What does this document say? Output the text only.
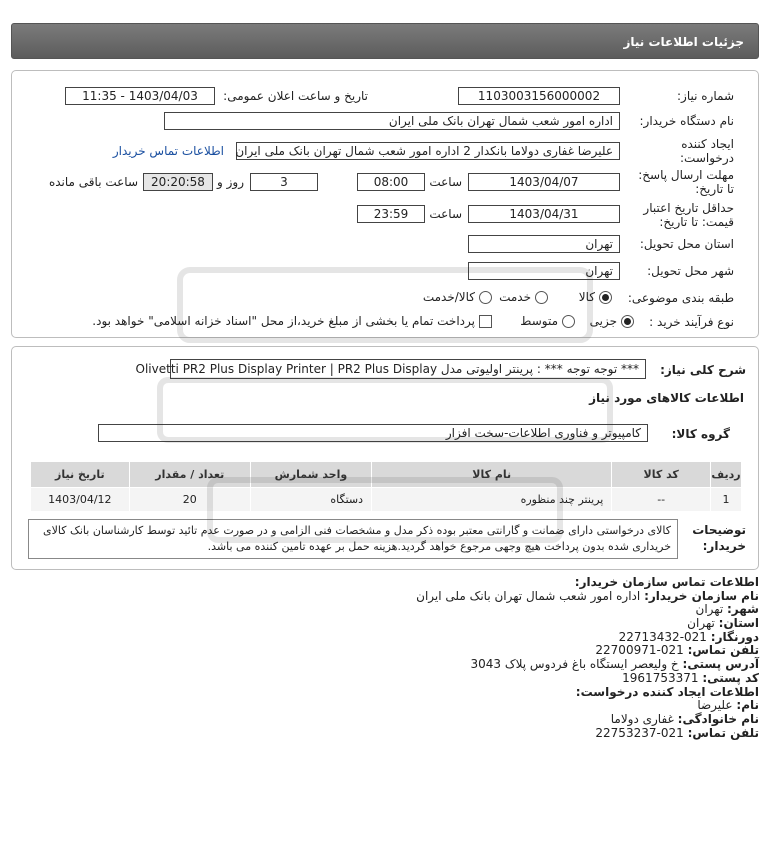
جزئیات اطلاعات نیاز
شماره نیاز:
1103003156000002
تاریخ و ساعت اعلان عمومی:
1403/04/03 - 11:35
نام دستگاه خریدار:
اداره امور شعب شمال تهران بانک ملی ایران
ایجاد کننده
درخواست:
علیرضا غفاری دولاما بانکدار 2 اداره امور شعب شمال تهران بانک ملی ایران
اطلاعات تماس خریدار
مهلت ارسال پاسخ:
تا تاریخ:
1403/04/07
ساعت
08:00
3
روز و
20:20:58
ساعت باقی مانده
حداقل تاریخ اعتبار
قیمت: تا تاریخ:
1403/04/31
ساعت
23:59
استان محل تحویل:
تهران
شهر محل تحویل:
تهران
طبقه بندی موضوعی:
کالا
خدمت
کالا/خدمت
نوع فرآیند خرید :
جزیی
متوسط
پرداخت تمام یا بخشی از مبلغ خرید،از محل "اسناد خزانه اسلامی" خواهد بود.
شرح کلی نیاز:
*** توجه توجه *** : پرینتر اولیوتی مدل Olivetti PR2 Plus Display Printer | PR2 Plus Display
اطلاعات کالاهای مورد نیاز
گروه کالا:
کامپیوتر و فناوری اطلاعات-سخت افزار
ردیف	کد کالا	نام کالا	واحد شمارش	تعداد / مقدار	تاریخ نیاز
1	--	پرینتر چند منظوره	دستگاه	20	1403/04/12
توضیحات
خریدار:
کالای درخواستی دارای ضمانت و گارانتی معتبر بوده ذکر مدل و مشخصات فنی الزامی و در صورت عدم تائید توسط کارشناسان بانک کالای خریداری شده بدون پرداخت هیچ وجهی مرجوع خواهد گردید.هزینه حمل بر عهده تامین کننده می باشد.
اطلاعات تماس سازمان خریدار:
نام سازمان خریدار: اداره امور شعب شمال تهران بانک ملی ایران
شهر: تهران
استان: تهران
دورنگار: 021-22713432
تلفن تماس: 021-22700971
آدرس پستی: خ ولیعصر ایستگاه باغ فردوس پلاک 3043
کد پستی: 1961753371
اطلاعات ایجاد کننده درخواست:
نام: علیرضا
نام خانوادگی: غفاری دولاما
تلفن تماس: 021-22753237
